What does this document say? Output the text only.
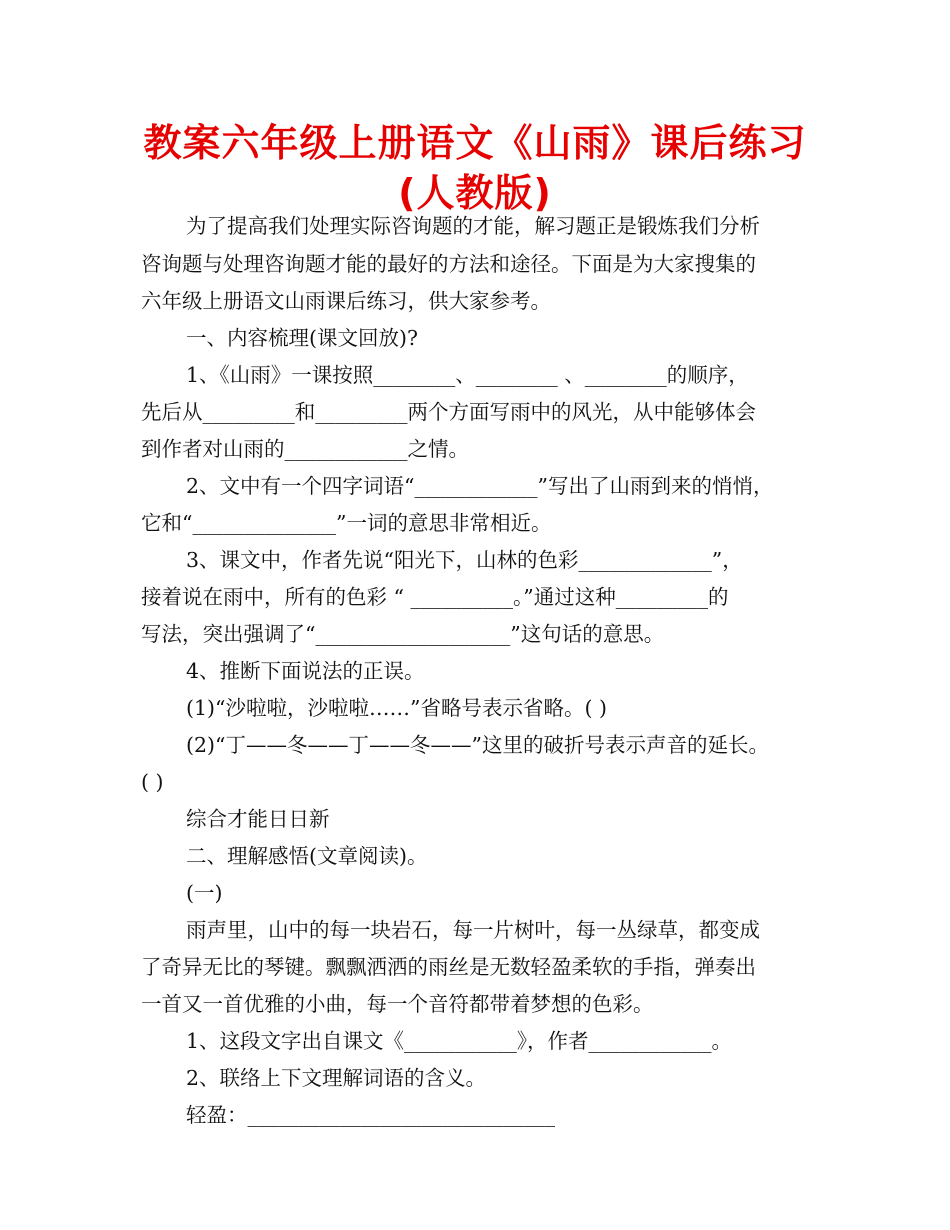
教案六年级上册语文《山雨》课后练习
(人教版)
为了提高我们处理实际咨询题的才能，解习题正是锻炼我们分析
咨询题与处理咨询题才能的最好的方法和途径。下面是为大家搜集的
六年级上册语文山雨课后练习，供大家参考。
一、内容梳理(课文回放)?
1、《山雨》一课按照________、________ 、________的顺序，
先后从_________和_________两个方面写雨中的风光，从中能够体会
到作者对山雨的____________之情。
2、文中有一个四字词语“____________”写出了山雨到来的悄悄，
它和“______________”一词的意思非常相近。
3、课文中，作者先说“阳光下，山林的色彩_____________”，
接着说在雨中，所有的色彩 “ __________。”通过这种_________的
写法，突出强调了“___________________”这句话的意思。
4、推断下面说法的正误。
(1)“沙啦啦，沙啦啦……”省略号表示省略。( )
(2)“丁——冬——丁——冬——”这里的破折号表示声音的延长。
( )
综合才能日日新
二、理解感悟(文章阅读)。
(一)
雨声里，山中的每一块岩石，每一片树叶，每一丛绿草，都变成
了奇异无比的琴键。飘飘洒洒的雨丝是无数轻盈柔软的手指，弹奏出
一首又一首优雅的小曲，每一个音符都带着梦想的色彩。
1、这段文字出自课文《___________》，作者____________。
2、联络上下文理解词语的含义。
轻盈：______________________________
